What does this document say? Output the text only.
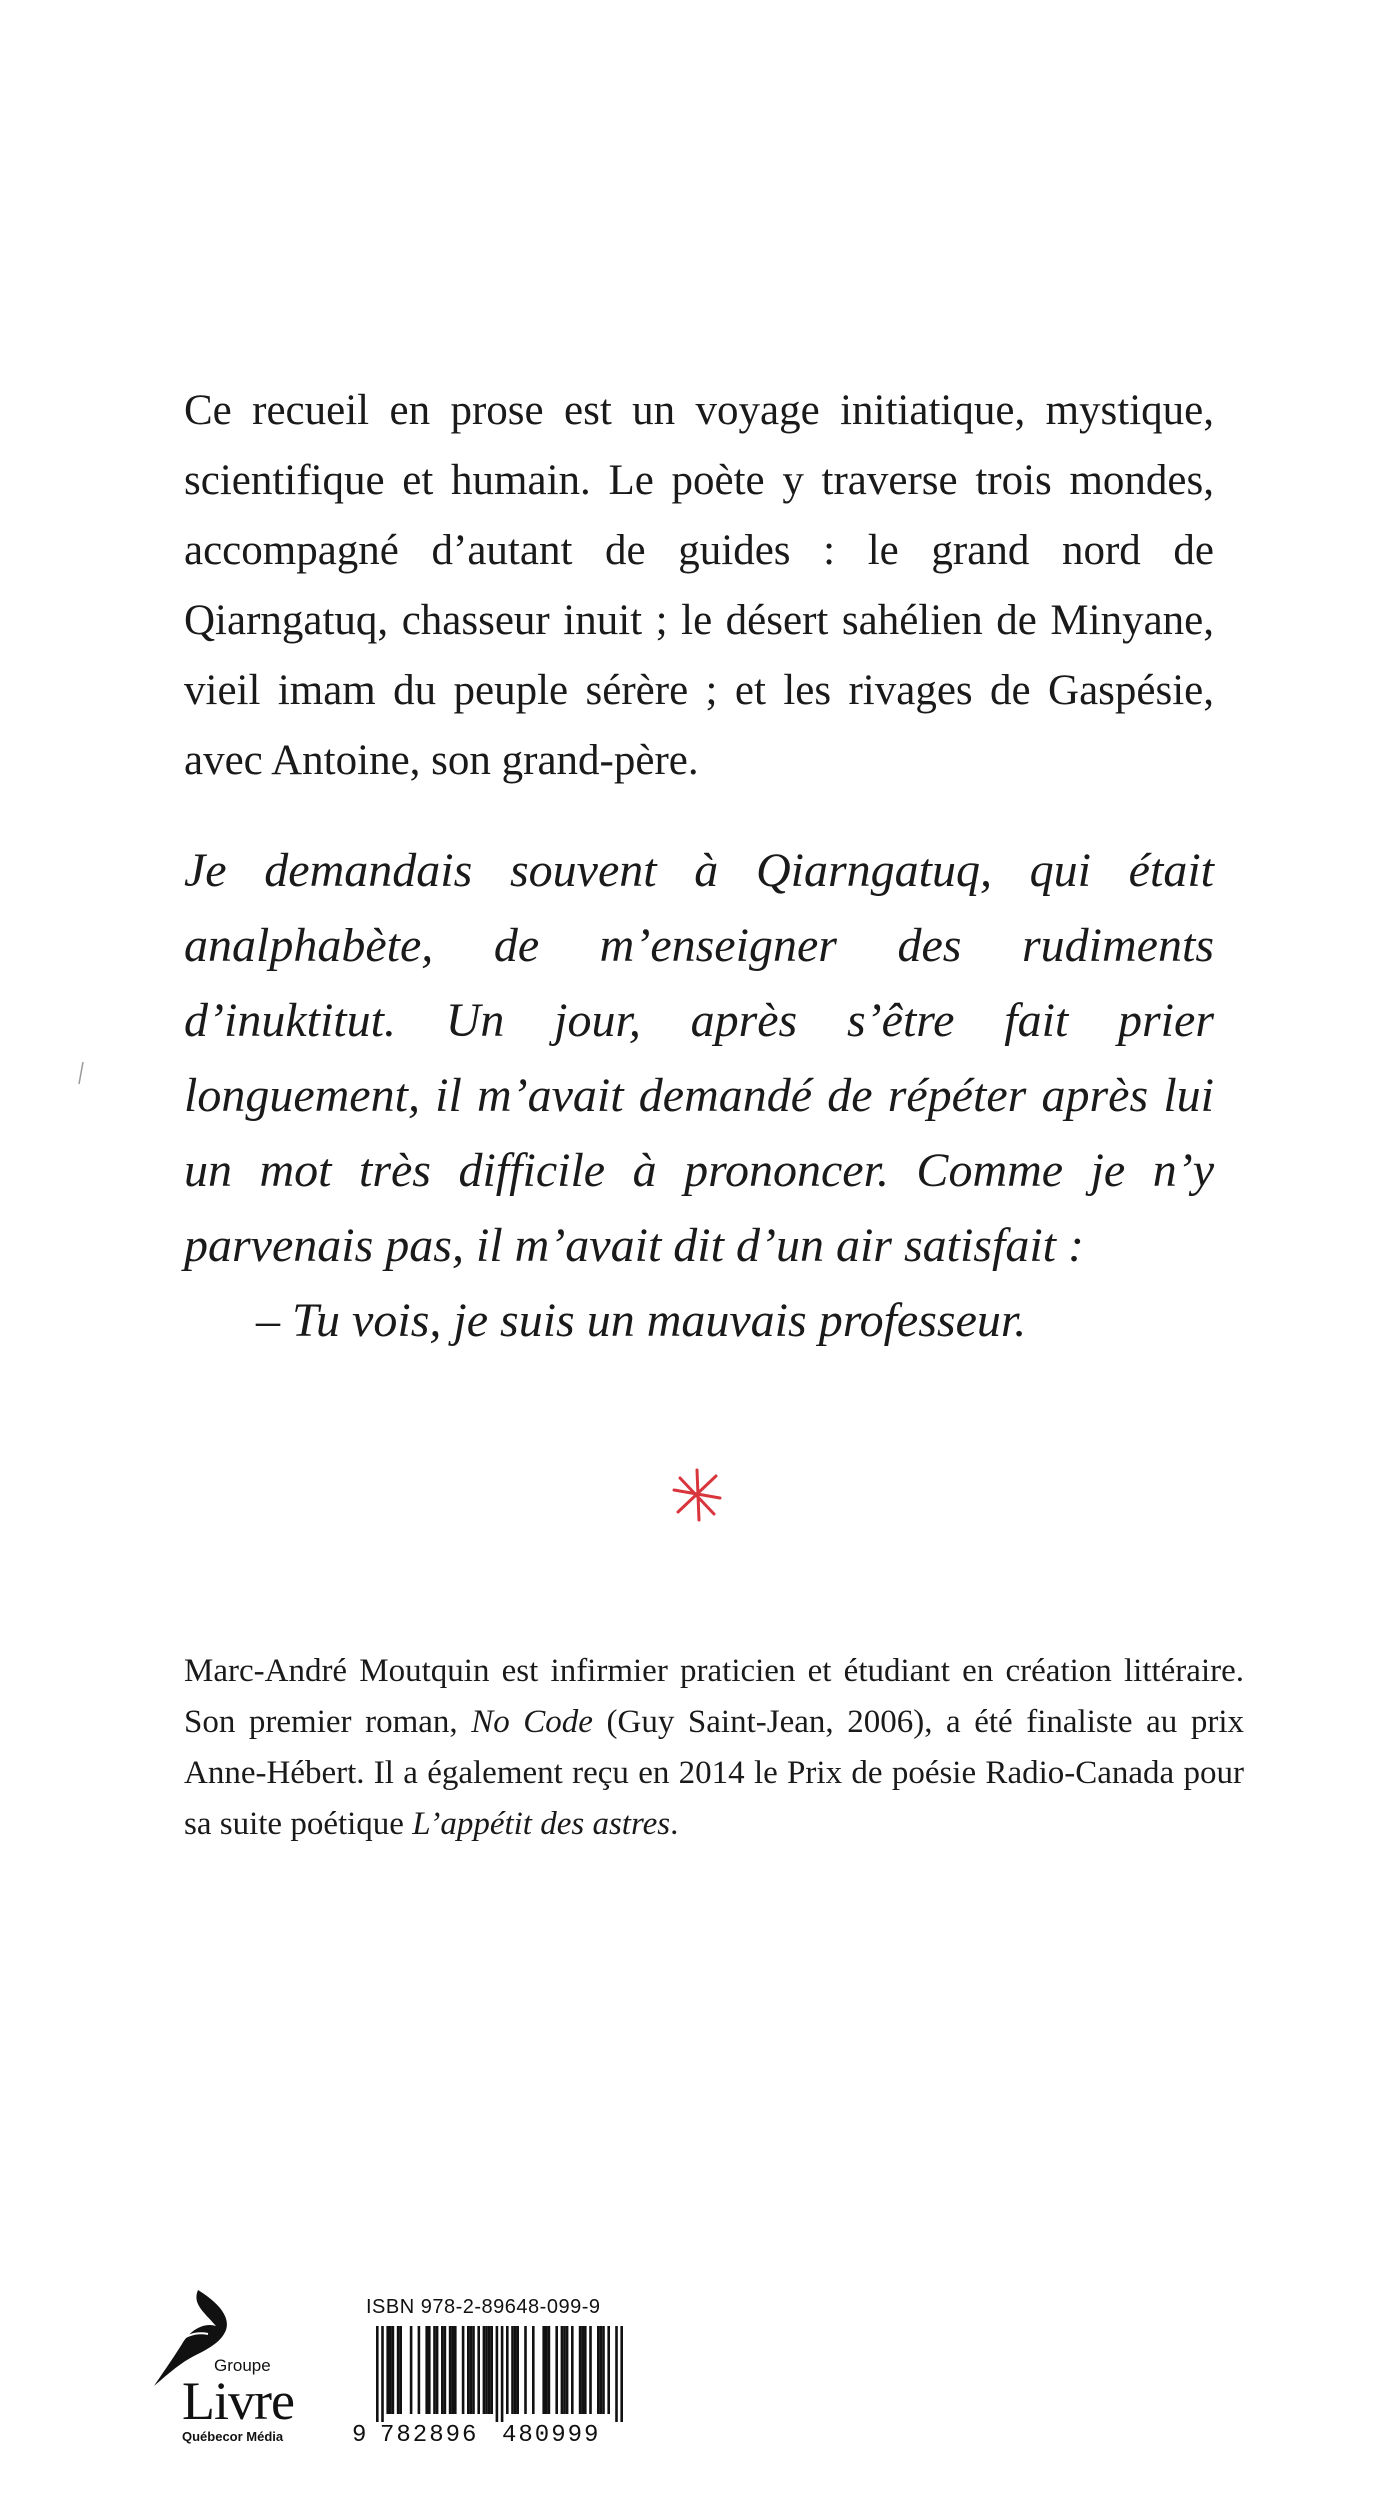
Ce recueil en prose est un voyage initiatique, mystique, scientifique et humain. Le poète y traverse trois mondes, accompagné d’autant de guides : le grand nord de Qiarngatuq, chasseur inuit ; le désert sahélien de Minyane, vieil imam du peuple sérère ; et les rivages de Gaspésie, avec Antoine, son grand-père.

Je demandais souvent à Qiarngatuq, qui était analphabète, de m’enseigner des rudiments d’inuktitut. Un jour, après s’être fait prier longuement, il m’avait demandé de répéter après lui un mot très difficile à prononcer. Comme je n’y parvenais pas, il m’avait dit d’un air satisfait :

– Tu vois, je suis un mauvais professeur.

Marc-André Moutquin est infirmier praticien et étudiant en création littéraire. Son premier roman, No Code (Guy Saint-Jean, 2006), a été finaliste au prix Anne-Hébert. Il a également reçu en 2014 le Prix de poésie Radio-Canada pour sa suite poétique L’appétit des astres.

Groupe
Livre
Québecor Média
ISBN 978-2-89648-099-9
9 782896 480999
